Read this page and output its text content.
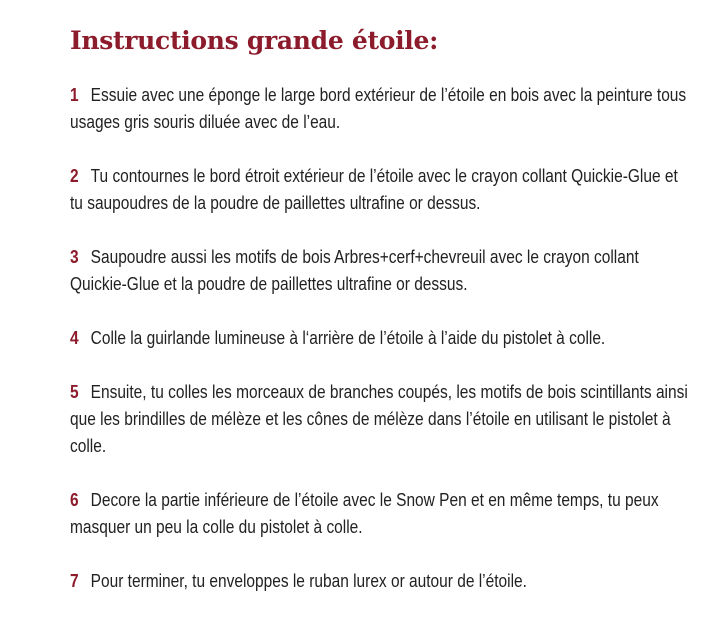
Instructions grande étoile:
1 Essuie avec une éponge le large bord extérieur de l’étoile en bois avec la peinture tous usages gris souris diluée avec de l’eau.
2 Tu contournes le bord étroit extérieur de l’étoile avec le crayon collant Quickie-Glue et tu saupoudres de la poudre de paillettes ultrafine or dessus.
3 Saupoudre aussi les motifs de bois Arbres+cerf+chevreuil avec le crayon collant Quickie-Glue et la poudre de paillettes ultrafine or dessus.
4 Colle la guirlande lumineuse à l‘arrière de l’étoile à l’aide du pistolet à colle.
5 Ensuite, tu colles les morceaux de branches coupés, les motifs de bois scintillants ainsi que les brindilles de mélèze et les cônes de mélèze dans l’étoile en utilisant le pistolet à colle.
6 Decore la partie inférieure de l’étoile avec le Snow Pen et en même temps, tu peux masquer un peu la colle du pistolet à colle.
7 Pour terminer, tu enveloppes le ruban lurex or autour de l’étoile.
